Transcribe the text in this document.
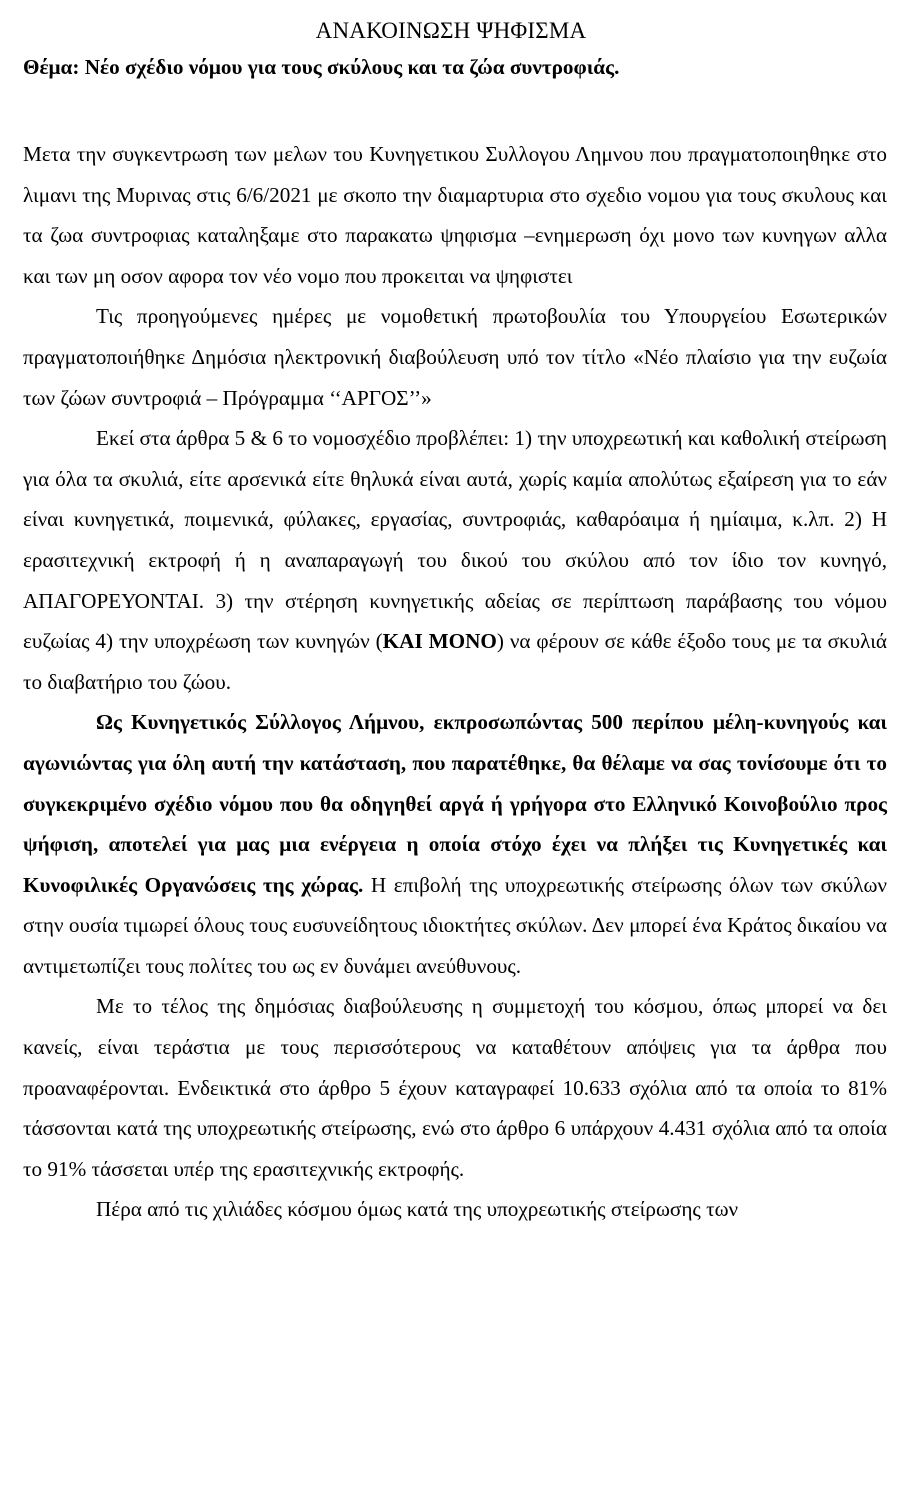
ΑΝΑΚΟΙΝΩΣΗ ΨΗΦΙΣΜΑ
Θέμα: Νέο σχέδιο νόμου για τους σκύλους και τα ζώα συντροφιάς.

Μετα την συγκεντρωση των μελων του Κυνηγετικου Συλλογου Λημνου που πραγματοποιηθηκε στο λιμανι της Μυρινας στις 6/6/2021 με σκοπο την διαμαρτυρια στο σχεδιο νομου για τους σκυλους και τα ζωα συντροφιας καταληξαμε στο παρακατω ψηφισμα –ενημερωση όχι μονο των κυνηγων αλλα και των μη οσον αφορα τον νέο νομο που προκειται να ψηφιστει

Τις προηγούμενες ημέρες με νομοθετική πρωτοβουλία του Υπουργείου Εσωτερικών πραγματοποιήθηκε Δημόσια ηλεκτρονική διαβούλευση υπό τον τίτλο «Νέο πλαίσιο για την ευζωία των ζώων συντροφιά – Πρόγραμμα ‘‘ΑΡΓΟΣ’’»

Εκεί στα άρθρα 5 & 6 το νομοσχέδιο προβλέπει: 1) την υποχρεωτική και καθολική στείρωση για όλα τα σκυλιά, είτε αρσενικά είτε θηλυκά είναι αυτά, χωρίς καμία απολύτως εξαίρεση για το εάν είναι κυνηγετικά, ποιμενικά, φύλακες, εργασίας, συντροφιάς, καθαρόαιμα ή ημίαιμα, κ.λπ. 2) Η ερασιτεχνική εκτροφή ή η αναπαραγωγή του δικού του σκύλου από τον ίδιο τον κυνηγό, ΑΠΑΓΟΡΕΥΟΝΤΑΙ. 3) την στέρηση κυνηγετικής αδείας σε περίπτωση παράβασης του νόμου ευζωίας 4) την υποχρέωση των κυνηγών (ΚΑΙ ΜΟΝΟ) να φέρουν σε κάθε έξοδο τους με τα σκυλιά το διαβατήριο του ζώου.

Ως Κυνηγετικός Σύλλογος Λήμνου, εκπροσωπώντας 500 περίπου μέλη-κυνηγούς και αγωνιώντας για όλη αυτή την κατάσταση, που παρατέθηκε, θα θέλαμε να σας τονίσουμε ότι το συγκεκριμένο σχέδιο νόμου που θα οδηγηθεί αργά ή γρήγορα στο Ελληνικό Κοινοβούλιο προς ψήφιση, αποτελεί για μας μια ενέργεια η οποία στόχο έχει να πλήξει τις Κυνηγετικές και Κυνοφιλικές Οργανώσεις της χώρας. Η επιβολή της υποχρεωτικής στείρωσης όλων των σκύλων στην ουσία τιμωρεί όλους τους ευσυνείδητους ιδιοκτήτες σκύλων. Δεν μπορεί ένα Κράτος δικαίου να αντιμετωπίζει τους πολίτες του ως εν δυνάμει ανεύθυνους.

Με το τέλος της δημόσιας διαβούλευσης η συμμετοχή του κόσμου, όπως μπορεί να δει κανείς, είναι τεράστια με τους περισσότερους να καταθέτουν απόψεις για τα άρθρα που προαναφέρονται. Ενδεικτικά στο άρθρο 5 έχουν καταγραφεί 10.633 σχόλια από τα οποία το 81% τάσσονται κατά της υποχρεωτικής στείρωσης, ενώ στο άρθρο 6 υπάρχουν 4.431 σχόλια από τα οποία το 91% τάσσεται υπέρ της ερασιτεχνικής εκτροφής.

Πέρα από τις χιλιάδες κόσμου όμως κατά της υποχρεωτικής στείρωσης των
